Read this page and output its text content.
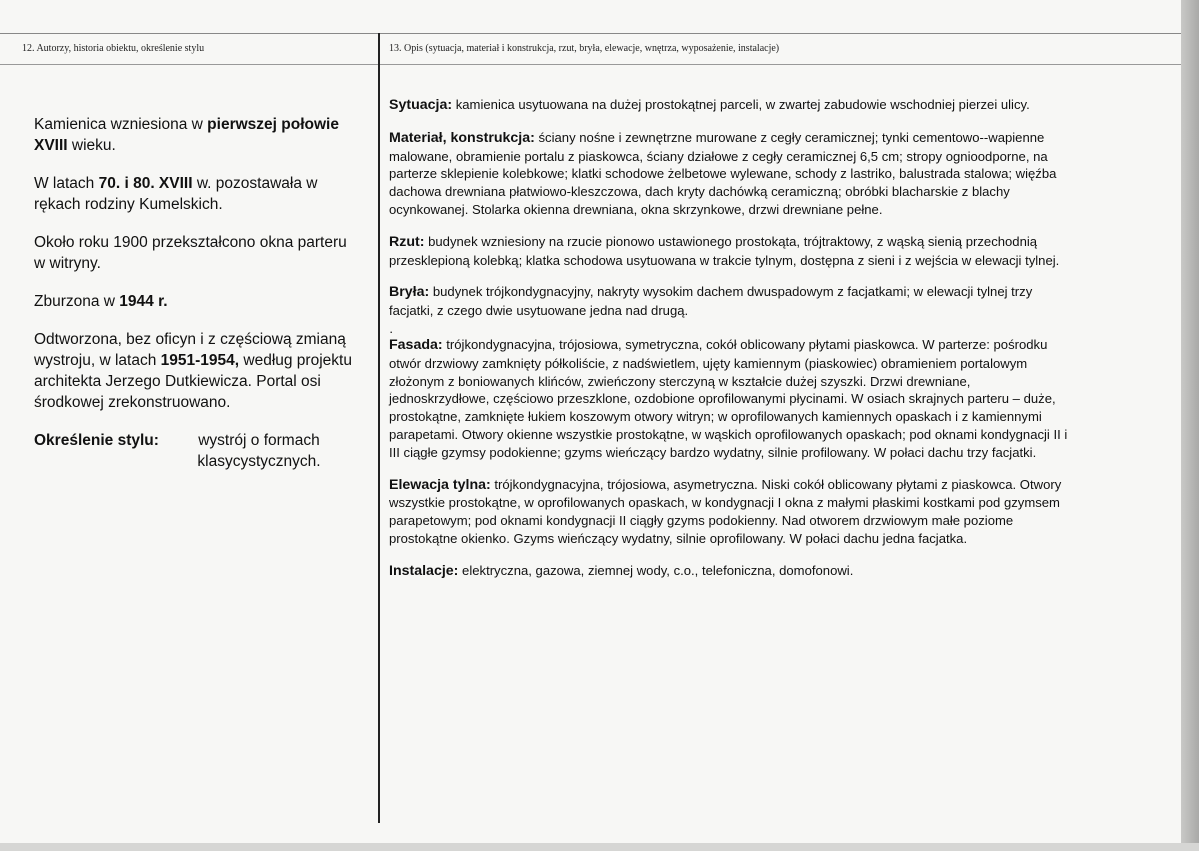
12. Autorzy, historia obiektu, określenie stylu	13. Opis (sytuacja, materiał i konstrukcja, rzut, bryła, elewacje, wnętrza, wyposażenie, instalacje)

Kamienica wzniesiona w pierwszej połowie XVIII wieku.

W latach 70. i 80. XVIII w. pozostawała w rękach rodziny Kumelskich.

Około roku 1900 przekształcono okna parteru w witryny.

Zburzona w 1944 r.

Odtworzona, bez oficyn i z częściową zmianą wystroju, w latach 1951-1954, według projektu architekta Jerzego Dutkiewicza. Portal osi środkowej zrekonstruowano.

Określenie stylu:	wystrój o formach klasycystycznych.

Sytuacja: kamienica usytuowana na dużej prostokątnej parceli, w zwartej zabudowie wschodniej pierzei ulicy.

Materiał, konstrukcja: ściany nośne i zewnętrzne murowane z cegły ceramicznej; tynki cementowo--wapienne malowane, obramienie portalu z piaskowca, ściany działowe z cegły ceramicznej 6,5 cm; stropy ognioodporne, na parterze sklepienie kolebkowe; klatki schodowe żelbetowe wylewane, schody z lastriko, balustrada stalowa; więźba dachowa drewniana płatwiowo-kleszczowa, dach kryty dachówką ceramiczną; obróbki blacharskie z blachy ocynkowanej. Stolarka okienna drewniana, okna skrzynkowe, drzwi drewniane pełne.

Rzut: budynek wzniesiony na rzucie pionowo ustawionego prostokąta, trójtraktowy, z wąską sienią przechodnią przesklepioną kolebką; klatka schodowa usytuowana w trakcie tylnym, dostępna z sieni i z wejścia w elewacji tylnej.

Bryła: budynek trójkondygnacyjny, nakryty wysokim dachem dwuspadowym z facjatkami; w elewacji tylnej trzy facjatki, z czego dwie usytuowane jedna nad drugą.

·

Fasada: trójkondygnacyjna, trójosiowa, symetryczna, cokół oblicowany płytami piaskowca. W parterze: pośrodku otwór drzwiowy zamknięty półkoliście, z nadświetlem, ujęty kamiennym (piaskowiec) obramieniem portalowym złożonym z boniowanych klińców, zwieńczony sterczyną w kształcie dużej szyszki. Drzwi drewniane, jednoskrzydłowe, częściowo przeszklone, ozdobione oprofilowanymi płycinami. W osiach skrajnych parteru – duże, prostokątne, zamknięte łukiem koszowym otwory witryn; w oprofilowanych kamiennych opaskach i z kamiennymi parapetami. Otwory okienne wszystkie prostokątne, w wąskich oprofilowanych opaskach; pod oknami kondygnacji II i III ciągłe gzymsy podokienne; gzyms wieńczący bardzo wydatny, silnie profilowany. W połaci dachu trzy facjatki.

Elewacja tylna: trójkondygnacyjna, trójosiowa, asymetryczna. Niski cokół oblicowany płytami z piaskowca. Otwory wszystkie prostokątne, w oprofilowanych opaskach, w kondygnacji I okna z małymi płaskimi kostkami pod gzymsem parapetowym; pod oknami kondygnacji II ciągły gzyms podokienny. Nad otworem drzwiowym małe poziome prostokątne okienko. Gzyms wieńczący wydatny, silnie oprofilowany. W połaci dachu jedna facjatka.

Instalacje: elektryczna, gazowa, ziemnej wody, c.o., telefoniczna, domofonowi.
